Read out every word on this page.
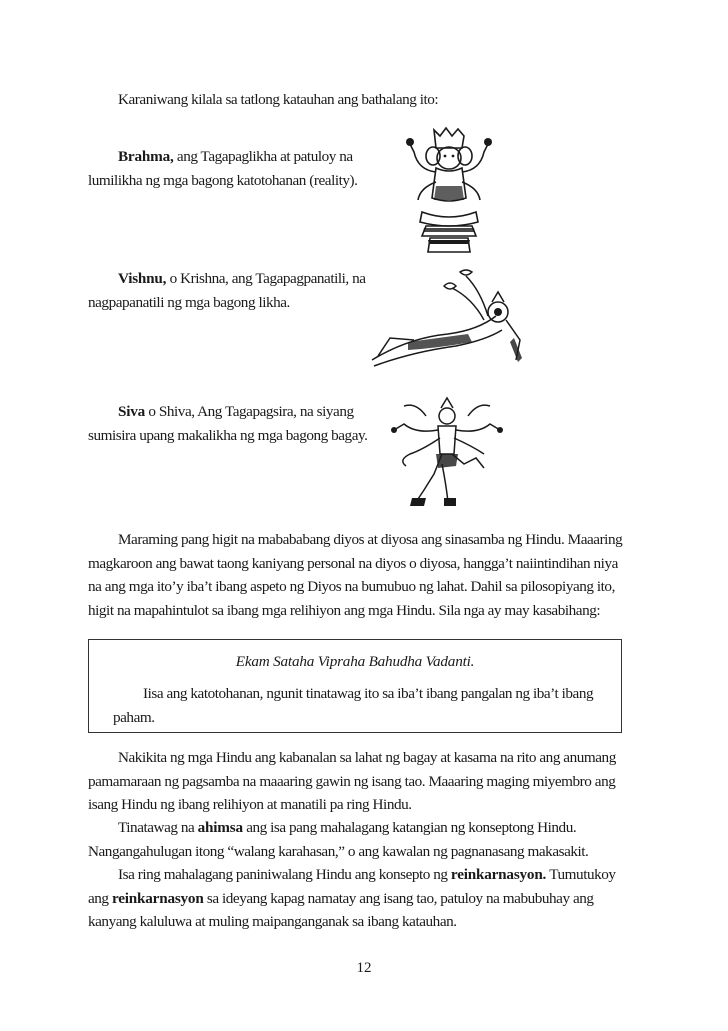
Karaniwang kilala sa tatlong katauhan ang bathalang ito:

Brahma, ang Tagapaglikha at patuloy na lumilikha ng mga bagong katotohanan (reality).

Vishnu, o Krishna, ang Tagapagpanatili, na nagpapanatili ng mga bagong likha.

Siva o Shiva, Ang Tagapagsira, na siyang sumisira upang makalikha ng mga bagong bagay.

Maraming pang higit na mabababang diyos at diyosa ang sinasamba ng Hindu. Maaaring magkaroon ang bawat taong kaniyang personal na diyos o diyosa, hangga’t naiintindihan niya na ang mga ito’y iba’t ibang aspeto ng Diyos na bumubuo ng lahat. Dahil sa pilosopiyang ito, higit na mapahintulot sa ibang mga relihiyon ang mga Hindu. Sila nga ay may kasabihang:

Ekam Sataha Vipraha Bahudha Vadanti.

Iisa ang katotohanan, ngunit tinatawag ito sa iba’t ibang pangalan ng iba’t ibang paham.

Nakikita ng mga Hindu ang kabanalan sa lahat ng bagay at kasama na rito ang anumang pamamaraan ng pagsamba na maaaring gawin ng isang tao. Maaaring maging miyembro ang isang Hindu ng ibang relihiyon at manatili pa ring Hindu.

Tinatawag na ahimsa ang isa pang mahalagang katangian ng konseptong Hindu. Nangangahulugan itong “walang karahasan,” o ang kawalan ng pagnanasang makasakit.

Isa ring mahalagang paniniwalang Hindu ang konsepto ng reinkarnasyon. Tumutukoy ang reinkarnasyon sa ideyang kapag namatay ang isang tao, patuloy na mabubuhay ang kanyang kaluluwa at muling maipanganganak sa ibang katauhan.

12
